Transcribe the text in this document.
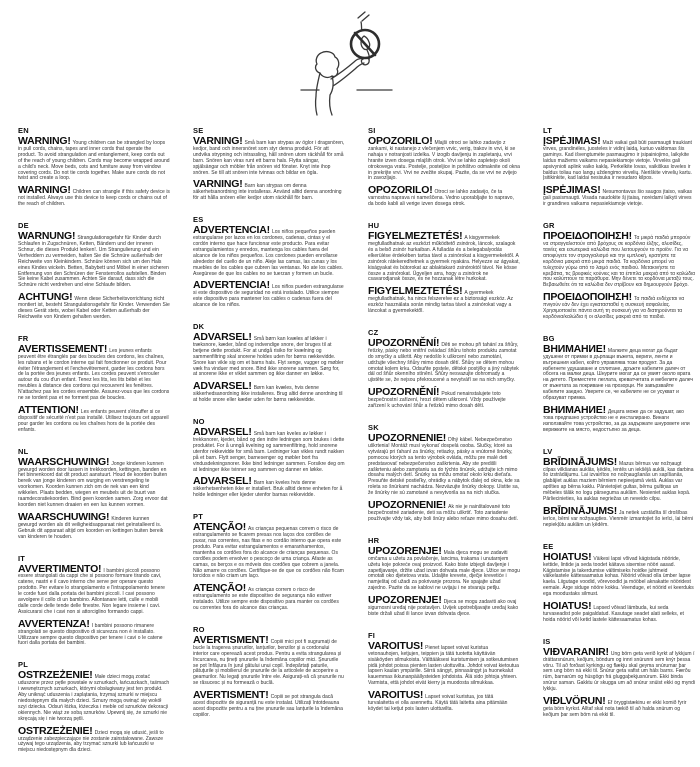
EN

WARNING! Young children can be strangled by loops in pull cords, chains, tapes and inner cords that operate the product. To avoid strangulation and entanglement, keep cords out of the reach of young children. Cords may become wrapped around a child's neck. Move beds, cots and furniture away from window covering cords. Do not tie cords together. Make sure cords do not twist and create a loop.

WARNING! Children can strangle if this safety device is not installed. Always use this device to keep cords or chains out of the reach of children.

DE

WARNUNG! Strangulationsgefahr für Kinder durch Schlaufen in Zugschnüren, Ketten, Bändern und der inneren Schnur, die dieses Produkt lenken!. Um Strangulierung und ein Verheddern zu vermeiden, halten Sie die Schnüre außerhalb der Reichweite von Kleinkindern. Schnüre können sich um den Hals eines Kindes wickeln. Betten, Babybett und Möbel in einer sicheren Entfernung von den Schnüren der Fensterrollos aufstellen. Binden Sie keine Kabel zusammen. Achten Sie darauf, dass sich die Schnüre nicht verdrehen und eine Schlaufe bilden.

ACHTUNG! Wenn diese Sicherheitsvorrichtung nicht montiert ist, besteht Strangulationsgefahr für Kinder. Verwenden Sie dieses Gerät stets, wobei Kabel oder Ketten außerhalb der Reichweite von Kindern gehalten werden.

FR

AVERTISSEMENT! Les jeunes enfants peuvent être étranglés par des boucles des cordons, les chaînes, les rubans et le cordon interne qui fait fonctionner ce produit. Pour éviter l'étranglement et l'enchevêtrement, garder les cordons hors de la portée des jeunes enfants. Les cordes peuvent s'enrouler autour du cou d'un enfant. Tenez les lits, les lits bébé et les meubles à distance des cordons qui recouvrent les fenêtres. N'attachez pas les cordes ensemble. Assurez-vous que les cordons ne se tordent pas et ne forment pas de boucles.

ATTENTION! Les enfants peuvent s'étouffer si ce dispositif de sécurité n'est pas installé. Utilisez toujours cet appareil pour garder les cordons ou les chaînes hors de la portée des enfants.

NL

WAARSCHUWING! Jonge kinderen kunnen gewurgd worden door lussen in trekkoorden, kettingen, banden en het binnenkoord dat dit product aanstuurt. Houd de koorden buiten bereik van jonge kinderen om wurging en verstrengeling te voorkomen. Koorden kunnen zich om de nek van een kind wikkelen. Plaats bedden, wiegen en meubels uit de buurt van raamdecoratiekoorden. Bind geen koorden samen. Zorg ervoor dat koorden niet kunnen draaien en een lus kunnen vormen.

WAARSCHUWING! Kinderen kunnen gewurgd worden als dit veiligheidsapparaat niet geïnstalleerd is. Gebruik dit apparaat altijd om koorden en kettingen buiten bereik van kinderen te houden.

IT

AVVERTIMENTO! I bambini piccoli possono essere strangolati da cappi che si possono formare tirando cavi, catene, nastri e il cavo interno che serve per operare questo prodotto. Per evitare lo strangolamento e l'intrappolamento tenere le corde fuori dalla portata dei bambini piccoli. I cavi possono avvolgere il collo di un bambino. Allontanare letti, culle e mobili dalle corde delle tende delle finestre. Non legare insieme i cavi. Assicurarsi che i cavi non si attorciglino formando cappi.

AVVERTENZA! I bambini possono rimanere strangolati se questo dispositivo di sicurezza non è installato. Utilizzare sempre questo dispositivo per tenere i cavi o le catene fuori dalla portata dei bambini.

PL

OSTRZEŻENIE! Małe dzieci mogą zostać uduszone przez pętle powstałe w sznurkach, łańcuszkach, taśmach i wewnętrznych sznurkach, którymi obsługiwany jest ten produkt. Aby uniknąć uduszenia i zaplątania, trzymaj sznurki w miejscu niedostępnym dla małych dzieci. Sznury mogą owinąć się wokół szyi dziecka. Odsuń łóżka, łóżeczka i meble od sznurków dekoracji okiennych. Nie wiąż ze sobą sznurków. Upewnij się, że sznurki nie skręcają się i nie tworzą pętli.

OSTRZEŻENIE! Dzieci mogą się udusić, jeśli to urządzenie zabezpieczające nie zostanie zainstalowane. Zawsze używaj tego urządzenia, aby trzymać sznurki lub łańcuszki w miejscu niedostępnym dla dzieci.

SE

VARNING! Små barn kan strypas av öglor i dragsnören, kedjor, band och innersnöret som styr denna produkt. För att undvika strypning och intrassling, håll snören utom räckhåll för små barn. Snören kan viras runt ett barns hals. Flytta sängar, spjälsängar och möbler från snören vid fönster. Knyt inte ihop snören. Se till att snören inte tvinnas och bildar en ögla.

VARNING! Barn kan strypas om denna säkerhetsanordning inte installeras. Använd alltid denna anordning för att hålla snören eller kedjor utom räckhåll för barn.

ES

ADVERTENCIA! Los niños pequeños pueden estrangularse por lazos en los cordones, cadenas, cintas y el cordón interno que hace funcionar este producto. Para evitar estrangulamientos y enredos, mantenga los cables fuera del alcance de los niños pequeños. Los cordones pueden enrollarse alrededor del cuello de un niño. Aleje las camas, las cunas y los muebles de los cables que cubren las ventanas. No ate los cables. Asegúrese de que los cables no se tuerzan y formen un bucle.

ADVERTENCIA! Los niños pueden estrangularse si este dispositivo de seguridad no está instalado. Utilice siempre este dispositivo para mantener los cables o cadenas fuera del alcance de los niños.

DK

ADVARSEL! Små børn kan kvæles af løkker i træksnore, kæder, bånd og indvendige snore, der bruges til at betjene dette produkt. For at undgå risiko for kvælning og sammenfiltring skal snorene holdes uden for børns rækkevidde. Snore kan vikle sig om et barns hals. Flyt senge, vugger og møbler væk fra vinduer med snore. Bind ikke snorene sammen. Sørg for, at snorene ikke er viklet sammen og ikke danner en løkke.

ADVARSEL! Børn kan kvæles, hvis denne sikkerhedsanordning ikke installeres. Brug altid denne anordning til at holde snore eller kæder uden for børns rækkevidde.

NO

ADVARSEL! Små barn kan kveles av løkker i trekksnorer, kjeder, bånd og den indre ledningen som brukes i dette produktet. For å unngå kvelning og sammenfiltring, hold snorene utenfor rekkevidde for små barn. Ledninger kan vikles rundt nakken på et barn. Flytt senger, barnesenger og møbler bort fra vindusdekningsnorer. Ikke bind ledninger sammen. Forsikre deg om at ledninger ikke tvinner seg sammen og danner en løkke.

ADVARSEL! Barn kan kveles hvis denne sikkerhetsenheten ikke er installert. Bruk alltid denne enheten for å holde ledninger eller kjeder utenfor barnas rekkevidde.

PT

ATENÇÃO! As crianças pequenas correm o risco de estrangulamento se ficarem presas nos laços dos cordões de puxar, nas correntes, nas fitas e no cordão interno que opera este produto. Para evitar estrangulamentos e emaranhamentos, mantenha os cordões fora do alcance de crianças pequenas. Os cordões podem envolver o pescoço de uma criança. Afaste as camas, os berços e os móveis dos cordões que cobrem a janela. Não amarre os cordões. Certifique-se de que os cordões não ficam torcidos e não criam um laço.

ATENÇÃO! As crianças correm o risco de estrangulamento se este dispositivo de segurança não estiver instalado. Utilize sempre este dispositivo para manter os cordões ou correntes fora do alcance das crianças.

RO

AVERTISMENT! Copiii mici pot fi sugrumați de bucle la tragerea șnururilor, lanțurilor, benzilor și a cordonului interior care operează acest produs. Pentru a evita strangularea și încurcarea, nu țineți șnururile la îndemâna copiilor mici. Șnururile se pot înfășura în jurul gâtului unui copil. Îndepărtați paturile, pătuțurile și mobilierul de șnururile de la articolele de acoperire a geamurilor. Nu legați șnururile între ele. Asigurați-vă că șnururile nu se răsucesc și nu formează o buclă.

AVERTISMENT! Copiii se pot strangula dacă acest dispozitiv de siguranță nu este instalat. Utilizați întotdeauna acest dispozitiv pentru a nu ține șnururile sau lanțurile la îndemâna copiilor.

SI

OPOZORILO! Mlajši otroci se lahko zadavijo z zankami, ki nastanejo z vlečenjem vrvic, verig, trakov in vrvi, ki se nahaja v notranjosti izdelka. V izogib davljenju in zapletanju, vrvi hranite izven dosega mlajših otrok. Vrvi se lahko zapletejo okoli otrokovega vratu. Postelje, posteljice in pohištvo odmaknite od okna in prekrijte vrvi. Vrvi ne zvežite skupaj. Pazite, da se vrvi ne zvijejo in zavozljajo.

OPOZORILO! Otroci se lahko zadavijo, če ta varnostna naprava ni nameščena. Vedno uporabljajte to napravo, da bodo kabli ali verige izven dosega otrok.

HU

FIGYELMEZTETÉS! A kisgyermekek megfulladhatnak az eszközt működtető zsinórok, láncok, szalagok és a belső zsinór hurkaiban. A fulladás és a belegabalyodás elkerülése érdekében tartsa távol a zsinórokat a kisgyermekektől. A zsinórok rátekeredhetnek a gyermek nyakára. Helyezze az ágyakat, kiságyakat és bútorokat az ablaktakaró zsinóroktól távol. Ne kösse össze a zsinórokat. Ügyeljen arra, hogy a zsinórok ne csavarodjanak össze, és ne hozzanak létre hurkokat.

FIGYELMEZTETÉS! A gyermekek megfulladhatnak, ha nincs felszerelve ez a biztonsági eszköz. Az eszköz használata során mindig tartsa távol a zsinórokat vagy a láncokat a gyermekektől.

CZ

UPOZORNĚNÍ! Děti se mohou při tahání za šňůry, řetízky, pásky nebo vnitřní ovládací šňůru tohoto produktu zamotat do smyčky a uškrtit. Aby nedošlo k uškrcení nebo zamotání, udržujte všechny šňůry mimo dosah dětí. Šňůry se dětem mohou omotat kolem krku. Odsuňte postele, dětské postýlky a jiný nábytek dál od šňůr okenního stínění. Šňůry nesvazujte dohromady a ujistěte se, že nejsou překroucené a nevytváří se na nich smyčky.

UPOZORNĚNÍ! Pokud nenainstalujete toto bezpečnostní zařízení, hrozí dětem uškrcení. Vždy používejte zařízení k uchování šňůr a řetízků mimo dosah dětí.

SK

UPOZORNENIE! Dlhý kábel. Nebezpečenstvo uškrtenia! Montáž musí vykonať dospelá osoba. Slučky, ktoré sa vytvárajú pri ťahaní za šnúrky, retiazky, pásky a vnútorné šnúrky, pomocou ktorých sa tento výrobok ovláda, môžu pre malé deti predstavovať nebezpečenstvo zaškrtenia. Aby ste predišli zaškrteniu alebo zamotaniu sa do týchto šnúrok, udržujte ich mimo dosahu malých detí. Šnúrky sa môžu omotať okolo krku dieťaťa. Presuňte detské postieľky, ohrádky a nábytok ďalej od okna, kde sa roleta so šnúrkami nachádza. Nezväzujte šnúrky dokopy. Uistite sa, že šnúrky nie sú zamotané a nevytvorila sa na nich slučka.

UPOZORNENIE! Ak nie je nainštalované toto bezpečnostné zariadenie, deti sa môžu uškrtiť. Toto zariadenie používajte vždy tak, aby boli šnúry alebo reťaze mimo dosahu detí.

HR

UPOZORENJE! Mala djeca mogu se zadaviti omčama u užetu za povlačenje, lancima, trakama i unutarnjem užetu koje pokreće ovaj proizvod. Kako biste izbjegli davljenje i zapetljavanje, držite užad izvan dohvata male djece. Užice se mogu omotati oko djetetova vrata. Udaljite krevete, dječje krevetiće i namještaj od užadi za pokrivanje prozora. Ne spajajte užad zajedno. Pazite da se kablovi ne uvijaju i ne stvaraju petlju.

UPOZORENJE! Djeca se mogu zadaviti ako ovaj sigurnosni uređaj nije postavljen. Uvijek upotrebljavajte uređaj kako biste držali užad ili lance izvan dohvata djece.

FI

VAROITUS! Pienet lapset voivat kuristua vetonauhojen, ketjujen, teippien ja tätä tuotetta käyttävän sisäköyden silmukoista. Välttääksesi kuristumisen ja sotkeutumisen pidä johdot poissa pienten lasten ulottuvilta. Johdot voivat kietoutua lapsen kaulan ympärille. Siirrä sängyt, pinnasängyt ja huonekalut kauemmas ikkunanpäällysteiden johdoista. Älä sido johtoja yhteen. Varmista, että johdot eivät kierry ja muodosta silmukkaa.

VAROITUS! Lapset voivat kuristua, jos tätä turvalaitetta ei olla asennettu. Käytä tätä laitetta aina pitämään köydet tai ketjut pois lasten ulottuvilta.

LT

ĮSPĖJIMAS! Maži vaikai gali būti pasmaugti traukiant virves, grandinėles, juosteles ir vidinį laidą, kuriuo valdomas šis gaminys. Kad išvengtumėte pasmaugimo ir įsipainiojimo, laikykite laidus mažiems vaikams nepasiekiamoje vietoje. Virvelės gali apsivynioti aplink vaiko kaklą. Perkelkite lovas, vaikiškas loveles ir baldus toliau nuo langų uždengimo virvelių. Neriškite virvelių kartu. Įsitikinkite, kad laidai nesisuka ir nesudaro kilpos.

ĮSPĖJIMAS! Nesumontavus šio saugos įtaiso, vaikas gali pasismaugti. Visada naudokite šį įtaisą, norėdami laikyti virves ir grandines vaikams nepasiekiamoje vietoje.

GR

ΠΡΟΕΙΔΟΠΟΙΗΣΗ! Τα μικρά παιδιά μπορούν να στραγγαλιστούν από βρόχους σε κορδόνια έλξης, αλυσίδες, ταινίες και εσωτερικά καλώδια που λειτουργούν το προϊόν. Για να αποφύγετε τον στραγγαλισμό και την εμπλοκή, κρατήστε τα κορδόνια μακριά από μικρά παιδιά. Τα κορδόνια μπορεί να τυλιχτούν γύρω από το λαιμό ενός παιδιού. Μετακινήστε τα κρεβάτια, τις βρεφικές κούνιες και τα έπιπλα μακριά από τα καλώδια που καλύπτουν τα παράθυρα. Μην δένετε τα κορδόνια μεταξύ τους. Βεβαιωθείτε ότι τα καλώδια δεν στρίβουν και δημιουργούν βρόχο.

ΠΡΟΕΙΔΟΠΟΙΗΣΗ! Τα παιδιά ενδέχεται να πνιγούν εάν δεν έχει εγκατασταθεί η συσκευή ασφαλείας. Χρησιμοποιείτε πάντα αυτή τη συσκευή για να διατηρούνται τα κορδόνια/καλώδια ή οι αλυσίδες μακριά από τα παιδιά.

BG

ВНИМАНИЕ! Малките деца могат да бъдат удушени от примки в дърпащи въжета, вериги, ленти и вътрешния кабел, който управлява този продукт. За да избегнете удушаване и сплитане, дръжте кабелите далеч от обсега на малки деца. Шнурите могат да се увият около врата на детето. Преместете леглата, креватчетата и мебелите далеч от въжетата за покриване на прозорци. Не завързвайте кабелите заедно. Уверете се, че кабелите не се усукват и образуват примка.

ВНИМАНИЕ! Децата може да се задушат, ако това предпазно устройство не е инсталирано. Винаги използвайте това устройство, за да задържате шнуровете или верижките на място, недостъпно за деца.

LV

BRĪDINĀJUMS! Mazus bērnus var nožņaugt cilpas vilkšanas auklās, ķēdēs, lentēs un iekšējā auklā, kas darbina šo izstrādājumu. Lai izvairītos no nožņaugšanās un sapīšanās, glabājiet auklas maziem bērniem nepieejamā vietā. Auklas var aptīties ap bērna kaklu. Pārvietojiet gultas, bērnu gultiņas un mēbeles tālāk no logu pārseguma auklām. Nesieniet auklas kopā. Pārliecinieties, ka auklas negriežas un neveido cilpu.

BRĪDINĀJUMS! Ja netiek uzstādīta šī drošības ierīce, bērni var nožņaugties. Vienmēr izmantojiet šo ierīci, lai bērni nepiekļūtu auklām un ķēdēm.

EE

HOIATUS! Väikesi lapsi võivad kägistada nööride, kettide, lintide ja seda toodet käitava sisemise nööri aasad. Kägistamise ja takerdumise vältimiseks hoidke juhtmeid väikelastele kättesaamatus kohas. Nöörid võivad olla ümber lapse kaela. Liigutage voodid, võrevoodid ja mööbel aknakatte nööridest eemale. Ärge siduge nööre kokku. Veenduge, et nöörid ei keerduks ega moodustaks silmust.

HOIATUS! Lapsed võivad lämbuda, kui seda turvaseadist pole paigaldatud. Kasutage seadet alati selleks, et hoida nöörid või ketid lastele kättesaamatus kohas.

IS

VIÐVARANIR! Ung börn geta verið kyrkt af lykkjum í dráttarsnúrum, keðjum, böndum og innri snúrunni sem knýr þessa vöru. Til að forðast kyrkingu og flækju skal geyma snúrurnar þar sem ung börn ná ekki til. Snúrur geta vafist um háls barns. Færðu rúm, barnarúm og húsgögn frá gluggaþekjusnúrum. Ekki binda snúrur saman. Gakktu úr skugga um að snúrur snúist ekki og myndi lykkju.

VIÐLVÖRUN! Ef öryggistækinu er ekki komið fyrir geta börn kyrkst. Alltaf skal nota tækið til að halda snúrum og keðjum þar sem börn ná ekki til.
